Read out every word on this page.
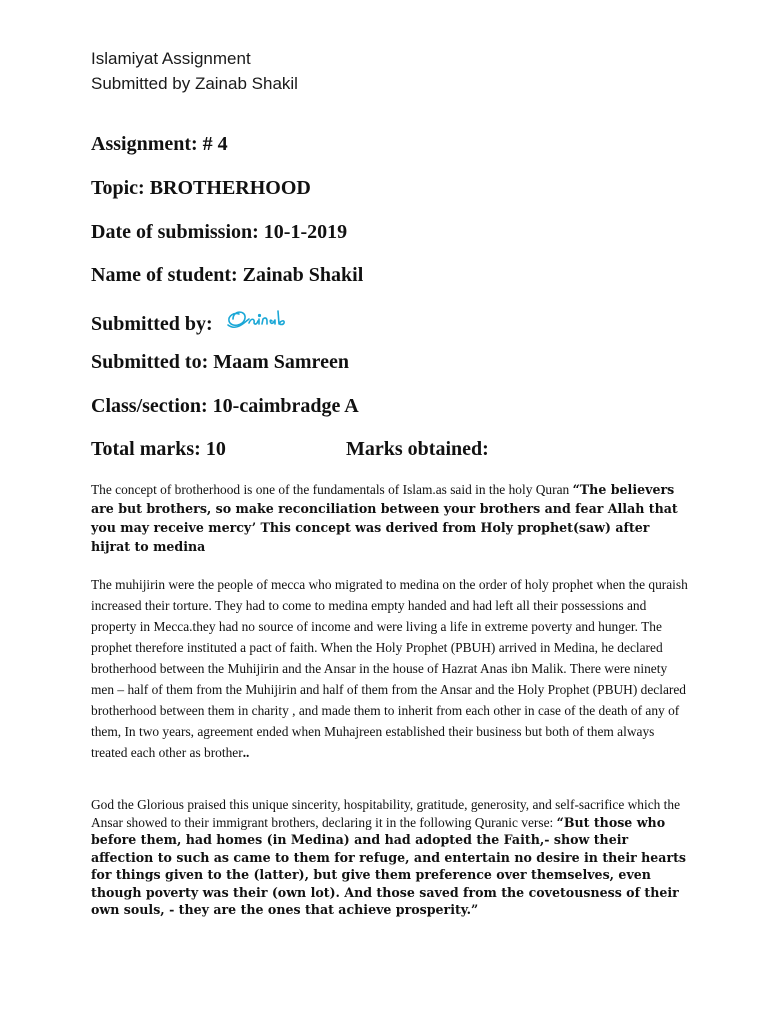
Islamiyat Assignment
Submitted by Zainab Shakil
Assignment: # 4
Topic: BROTHERHOOD
Date of submission: 10-1-2019
Name of student: Zainab Shakil
Submitted by:
Submitted to: Maam Samreen
Class/section: 10-caimbradge A
Total marks: 10	Marks obtained:
The concept of brotherhood is one of the fundamentals of Islam.as said in the holy Quran “The believers are but brothers, so make reconciliation between your brothers and fear Allah that you may receive mercy’ This concept was derived from Holy prophet(saw) after hijrat to medina
The muhijirin were the people of mecca who migrated to medina on the order of holy prophet when the quraish increased their torture. They had to come to medina empty handed and had left all their possessions and property in Mecca.they had no source of income and were living a life in extreme poverty and hunger. The prophet therefore instituted a pact of faith. When the Holy Prophet (PBUH) arrived in Medina, he declared brotherhood between the Muhijirin and the Ansar in the house of Hazrat Anas ibn Malik. There were ninety men – half of them from the Muhijirin and half of them from the Ansar and the Holy Prophet (PBUH) declared brotherhood between them in charity , and made them to inherit from each other in case of the death of any of them, In two years, agreement ended when Muhajreen established their business but both of them always treated each other as brother..
God the Glorious praised this unique sincerity, hospitability, gratitude, generosity, and self-sacrifice which the Ansar showed to their immigrant brothers, declaring it in the following Quranic verse: “But those who before them, had homes (in Medina) and had adopted the Faith,- show their affection to such as came to them for refuge, and entertain no desire in their hearts for things given to the (latter), but give them preference over themselves, even though poverty was their (own lot). And those saved from the covetousness of their own souls, - they are the ones that achieve prosperity.”
